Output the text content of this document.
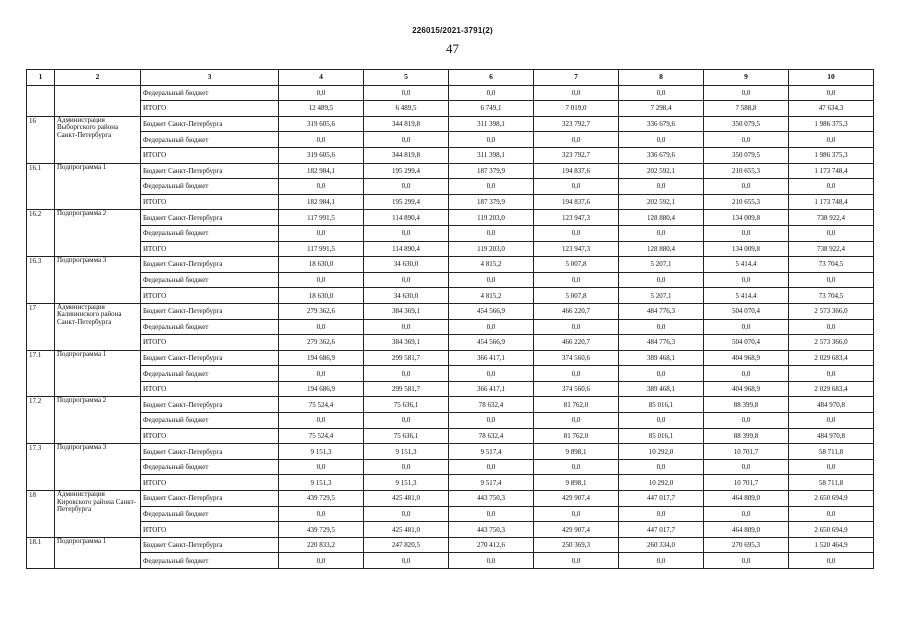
226015/2021-3791(2)
47
1	2	3	4	5	6	7	8	9	10
		Федеральный бюджет	0,0	0,0	0,0	0,0	0,0	0,0	0,0
		ИТОГО	12 489,5	6 489,5	6 749,1	7 019,0	7 298,4	7 588,8	47 634,3
16	Администрация Выборгского района Санкт-Петербурга	Бюджет Санкт-Петербурга	319 605,6	344 819,8	311 398,1	323 792,7	336 679,6	350 079,5	1 986 375,3
		Федеральный бюджет	0,0	0,0	0,0	0,0	0,0	0,0	0,0
		ИТОГО	319 605,6	344 819,8	311 398,1	323 792,7	336 679,6	350 079,5	1 986 375,3
16.1	Подпрограмма 1	Бюджет Санкт-Петербурга	182 984,1	195 299,4	187 379,9	194 837,6	202 592,1	210 655,3	1 173 748,4
		Федеральный бюджет	0,0	0,0	0,0	0,0	0,0	0,0	0,0
		ИТОГО	182 984,1	195 299,4	187 379,9	194 837,6	202 592,1	210 655,3	1 173 748,4
16.2	Подпрограмма 2	Бюджет Санкт-Петербурга	117 991,5	114 890,4	119 203,0	123 947,3	128 880,4	134 009,8	738 922,4
		Федеральный бюджет	0,0	0,0	0,0	0,0	0,0	0,0	0,0
		ИТОГО	117 991,5	114 890,4	119 203,0	123 947,3	128 880,4	134 009,8	738 922,4
16.3	Подпрограмма 3	Бюджет Санкт-Петербурга	18 630,0	34 630,0	4 815,2	5 007,8	5 207,1	5 414,4	73 704,5
		Федеральный бюджет	0,0	0,0	0,0	0,0	0,0	0,0	0,0
		ИТОГО	18 630,0	34 630,0	4 815,2	5 007,8	5 207,1	5 414,4	73 704,5
17	Администрация Калининского района Санкт-Петербурга	Бюджет Санкт-Петербурга	279 362,6	384 369,1	454 566,9	466 220,7	484 776,3	504 070,4	2 573 366,0
		Федеральный бюджет	0,0	0,0	0,0	0,0	0,0	0,0	0,0
		ИТОГО	279 362,6	384 369,1	454 566,9	466 220,7	484 776,3	504 070,4	2 573 366,0
17.1	Подпрограмма 1	Бюджет Санкт-Петербурга	194 686,9	299 581,7	366 417,1	374 560,6	389 468,1	404 968,9	2 029 683,4
		Федеральный бюджет	0,0	0,0	0,0	0,0	0,0	0,0	0,0
		ИТОГО	194 686,9	299 581,7	366 417,1	374 560,6	389 468,1	404 968,9	2 029 683,4
17.2	Подпрограмма 2	Бюджет Санкт-Петербурга	75 524,4	75 636,1	78 632,4	81 762,0	85 016,1	88 399,8	484 970,8
		Федеральный бюджет	0,0	0,0	0,0	0,0	0,0	0,0	0,0
		ИТОГО	75 524,4	75 636,1	78 632,4	81 762,0	85 016,1	88 399,8	484 970,8
17.3	Подпрограмма 3	Бюджет Санкт-Петербурга	9 151,3	9 151,3	9 517,4	9 898,1	10 292,0	10 701,7	58 711,8
		Федеральный бюджет	0,0	0,0	0,0	0,0	0,0	0,0	0,0
		ИТОГО	9 151,3	9 151,3	9 517,4	9 898,1	10 292,0	10 701,7	58 711,8
18	Администрация Кировского района Санкт-Петербурга	Бюджет Санкт-Петербурга	439 729,5	425 481,0	443 750,3	429 907,4	447 017,7	464 809,0	2 650 694,9
		Федеральный бюджет	0,0	0,0	0,0	0,0	0,0	0,0	0,0
		ИТОГО	439 729,5	425 481,0	443 750,3	429 907,4	447 017,7	464 809,0	2 650 694,9
18.1	Подпрограмма 1	Бюджет Санкт-Петербурга	220 833,2	247 820,5	270 412,6	250 369,3	260 334,0	270 695,3	1 520 464,9
		Федеральный бюджет	0,0	0,0	0,0	0,0	0,0	0,0	0,0
